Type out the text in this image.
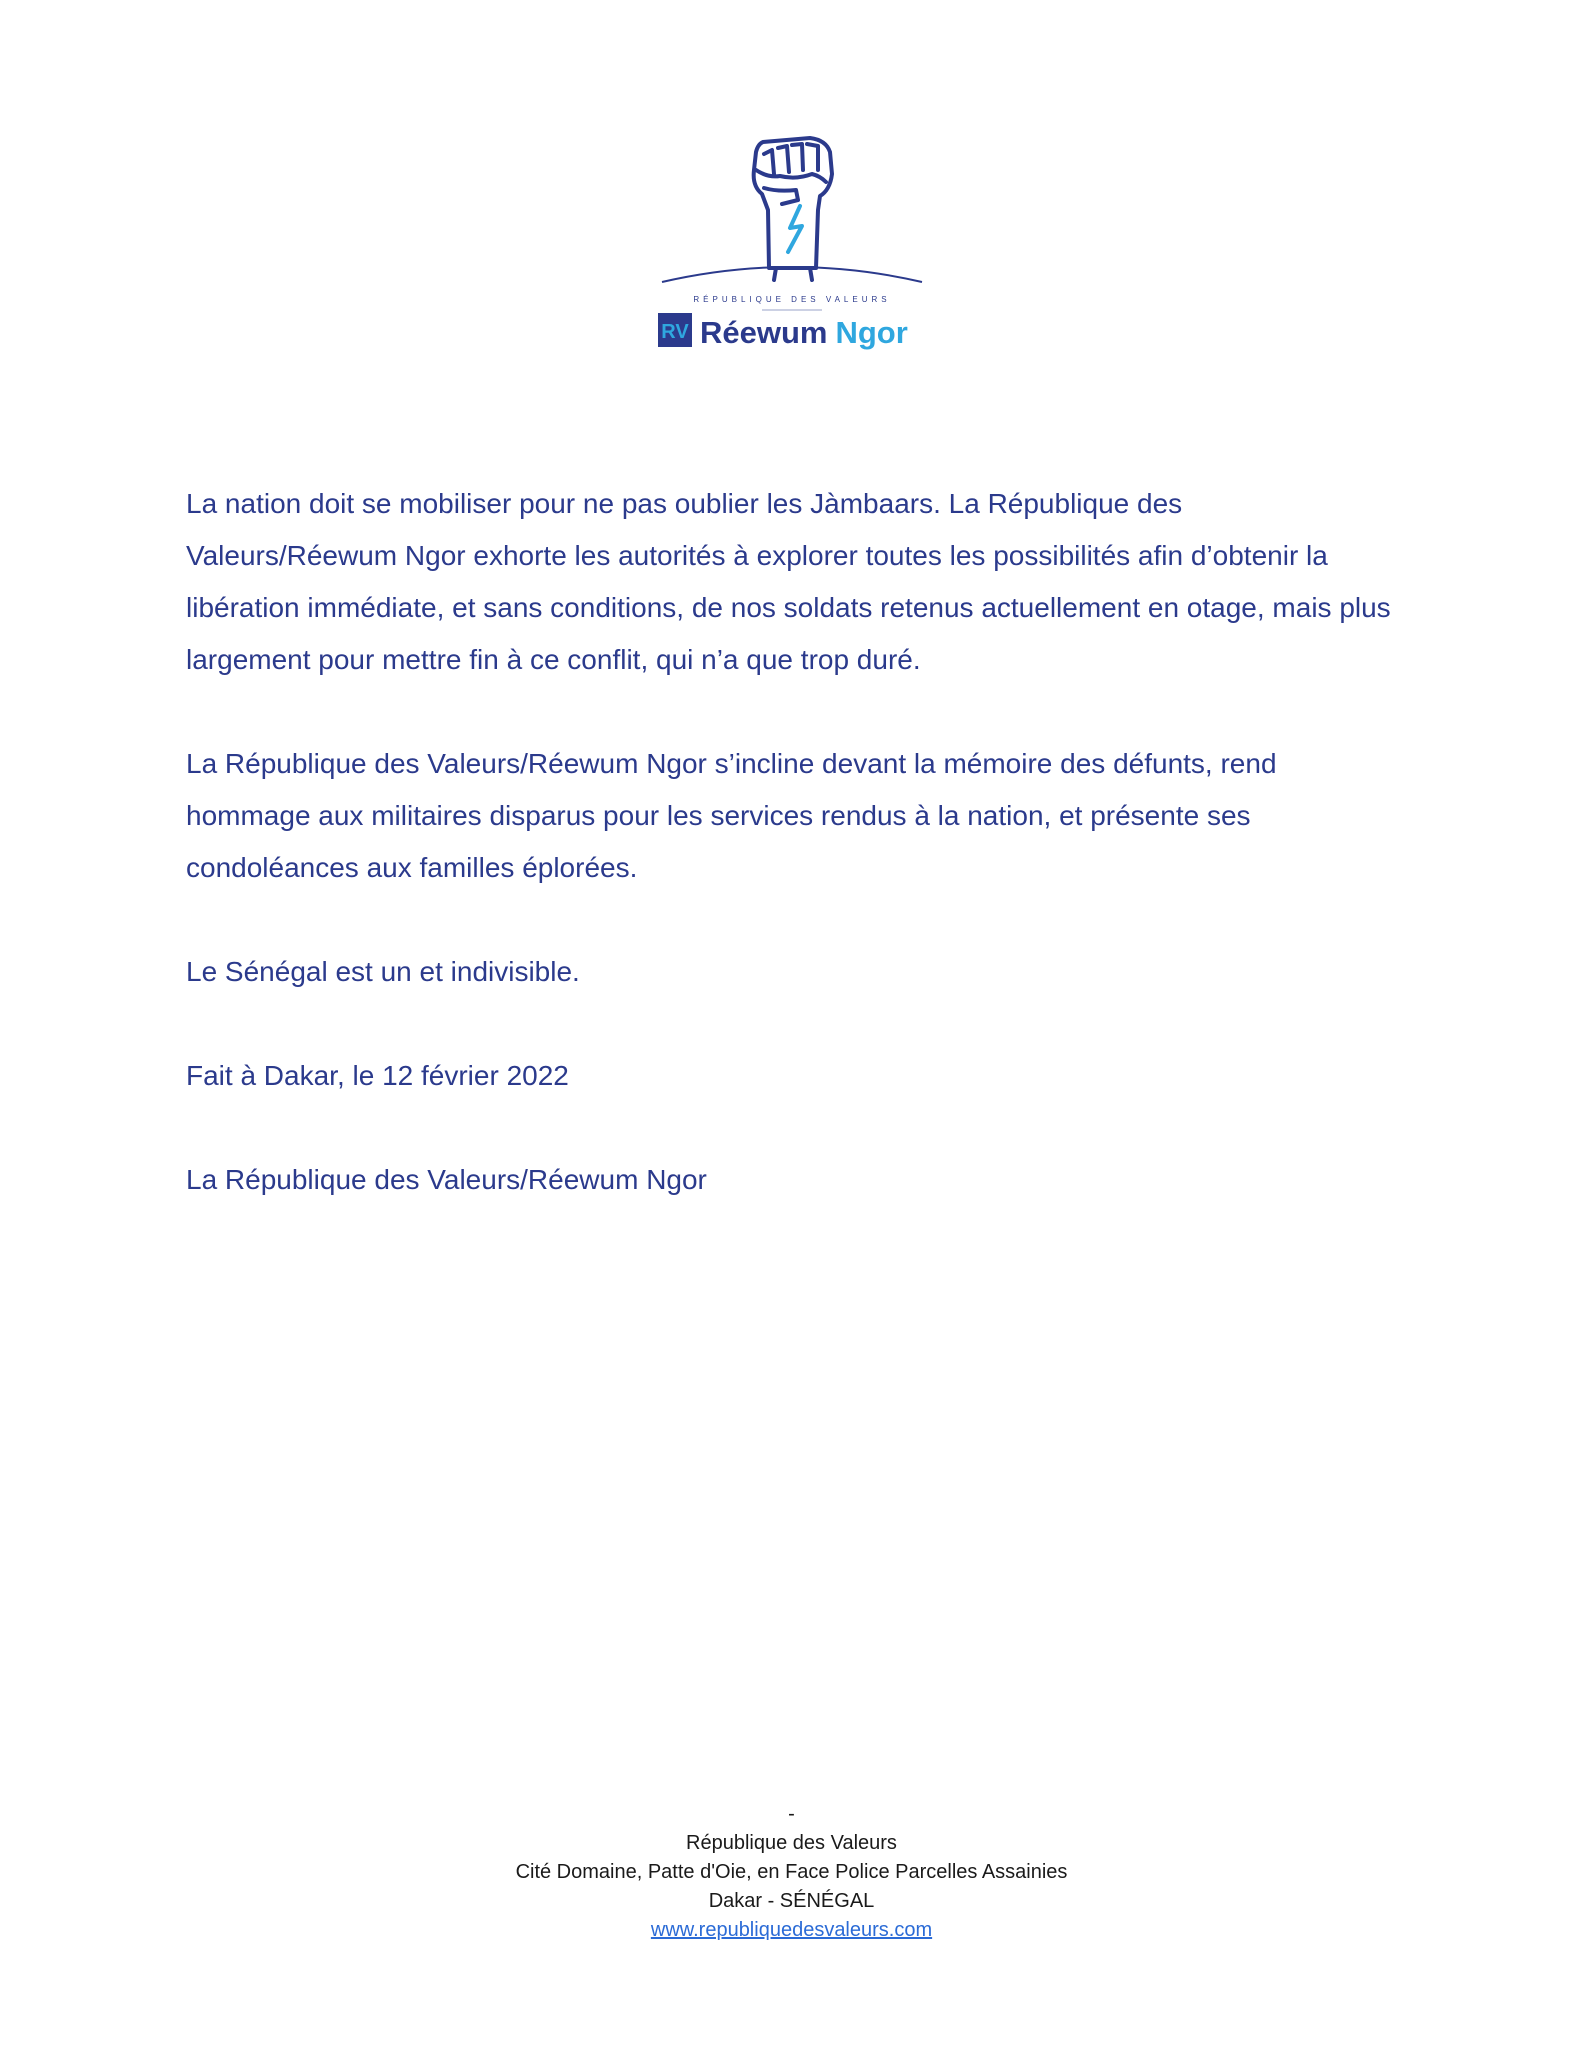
RÉPUBLIQUE DES VALEURS
RV Réewum Ngor

La nation doit se mobiliser pour ne pas oublier les Jàmbaars. La République des Valeurs/Réewum Ngor exhorte les autorités à explorer toutes les possibilités afin d’obtenir la libération immédiate, et sans conditions, de nos soldats retenus actuellement en otage, mais plus largement pour mettre fin à ce conflit, qui n’a que trop duré.

La République des Valeurs/Réewum Ngor s’incline devant la mémoire des défunts, rend hommage aux militaires disparus pour les services rendus à la nation, et présente ses condoléances aux familles éplorées.

Le Sénégal est un et indivisible.

Fait à Dakar, le 12 février 2022

La République des Valeurs/Réewum Ngor

-
République des Valeurs
Cité Domaine, Patte d'Oie, en Face Police Parcelles Assainies
Dakar - SÉNÉGAL
www.republiquedesvaleurs.com
